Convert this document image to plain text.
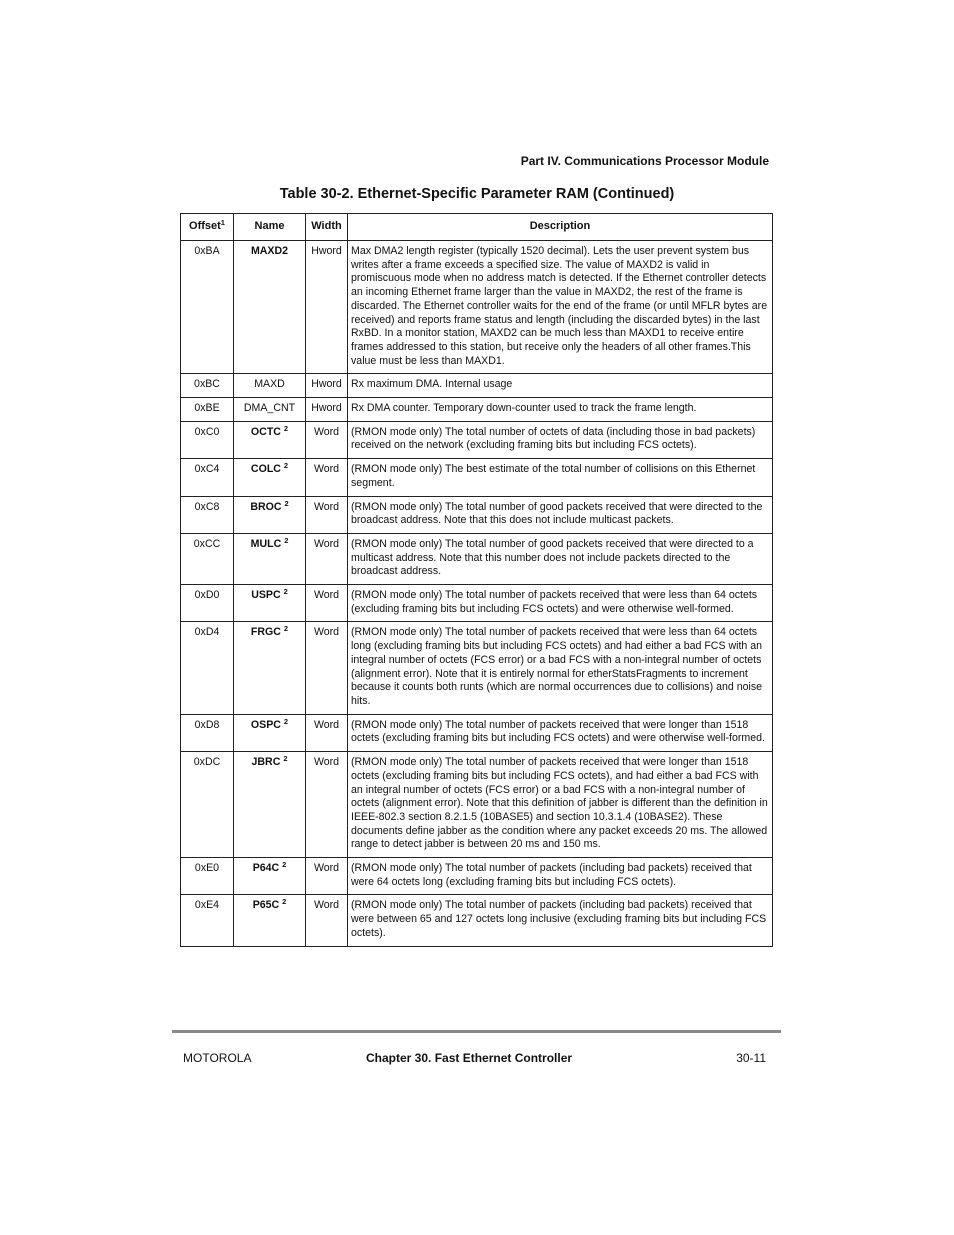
Part IV. Communications Processor Module
Table 30-2. Ethernet-Specific Parameter RAM (Continued)
Offset$^1$	Name	Width	Description
0xBA	MAXD2	Hword	Max DMA2 length register (typically 1520 decimal). Lets the user prevent system bus writes after a frame exceeds a specified size. The value of MAXD2 is valid in promiscuous mode when no address match is detected. If the Ethernet controller detects an incoming Ethernet frame larger than the value in MAXD2, the rest of the frame is discarded. The Ethernet controller waits for the end of the frame (or until MFLR bytes are received) and reports frame status and length (including the discarded bytes) in the last RxBD. In a monitor station, MAXD2 can be much less than MAXD1 to receive entire frames addressed to this station, but receive only the headers of all other frames.This value must be less than MAXD1.
0xBC	MAXD	Hword	Rx maximum DMA. Internal usage
0xBE	DMA_CNT	Hword	Rx DMA counter. Temporary down-counter used to track the frame length.
0xC0	OCTC $^2$	Word	(RMON mode only) The total number of octets of data (including those in bad packets) received on the network (excluding framing bits but including FCS octets).
0xC4	COLC $^2$	Word	(RMON mode only) The best estimate of the total number of collisions on this Ethernet segment.
0xC8	BROC $^2$	Word	(RMON mode only) The total number of good packets received that were directed to the broadcast address. Note that this does not include multicast packets.
0xCC	MULC $^2$	Word	(RMON mode only) The total number of good packets received that were directed to a multicast address. Note that this number does not include packets directed to the broadcast address.
0xD0	USPC $^2$	Word	(RMON mode only) The total number of packets received that were less than 64 octets (excluding framing bits but including FCS octets) and were otherwise well-formed.
0xD4	FRGC $^2$	Word	(RMON mode only) The total number of packets received that were less than 64 octets long (excluding framing bits but including FCS octets) and had either a bad FCS with an integral number of octets (FCS error) or a bad FCS with a non-integral number of octets (alignment error). Note that it is entirely normal for etherStatsFragments to increment because it counts both runts (which are normal occurrences due to collisions) and noise hits.
0xD8	OSPC $^2$	Word	(RMON mode only) The total number of packets received that were longer than 1518 octets (excluding framing bits but including FCS octets) and were otherwise well-formed.
0xDC	JBRC $^2$	Word	(RMON mode only) The total number of packets received that were longer than 1518 octets (excluding framing bits but including FCS octets), and had either a bad FCS with an integral number of octets (FCS error) or a bad FCS with a non-integral number of octets (alignment error). Note that this definition of jabber is different than the definition in IEEE-802.3 section 8.2.1.5 (10BASE5) and section 10.3.1.4 (10BASE2). These documents define jabber as the condition where any packet exceeds 20 ms. The allowed range to detect jabber is between 20 ms and 150 ms.
0xE0	P64C $^2$	Word	(RMON mode only) The total number of packets (including bad packets) received that were 64 octets long (excluding framing bits but including FCS octets).
0xE4	P65C $^2$	Word	(RMON mode only) The total number of packets (including bad packets) received that were between 65 and 127 octets long inclusive (excluding framing bits but including FCS octets).
MOTOROLA	Chapter 30. Fast Ethernet Controller	30-11
